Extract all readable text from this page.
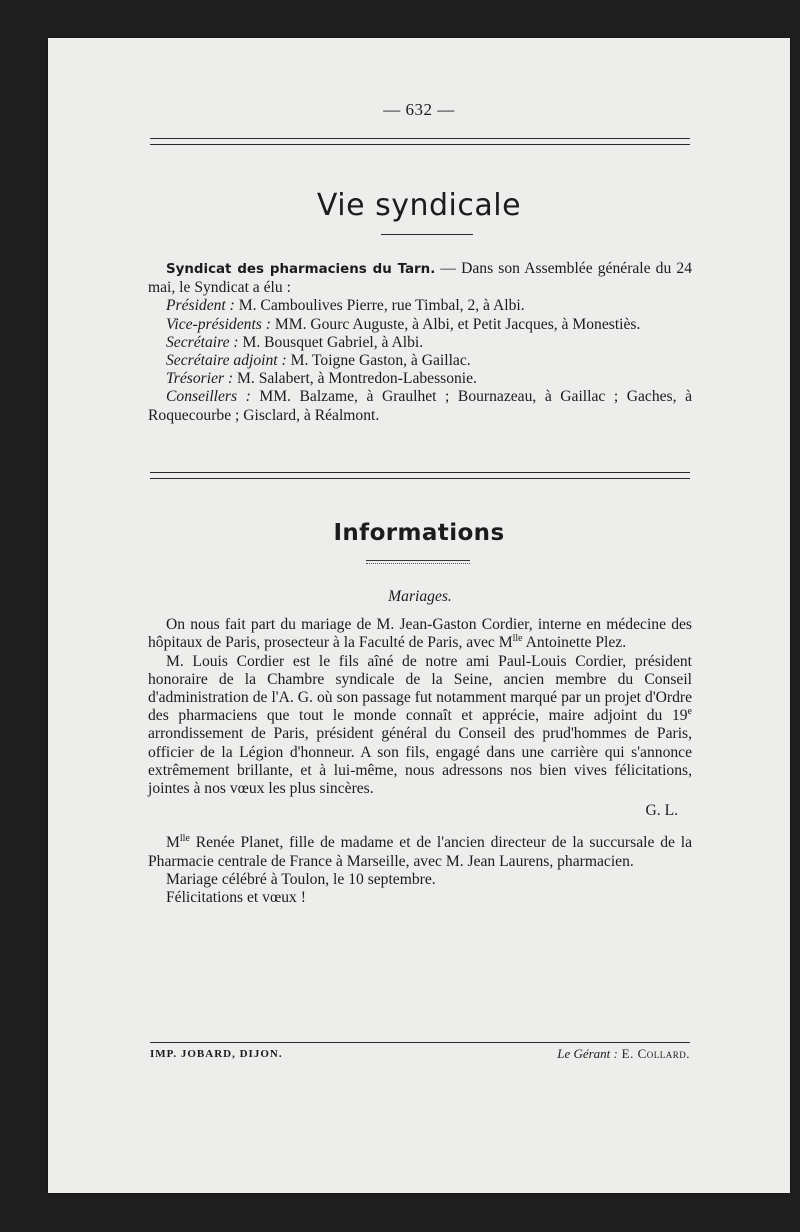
— 632 —
Vie syndicale

Syndicat des pharmaciens du Tarn. — Dans son Assemblée générale du 24 mai, le Syndicat a élu :

Président : M. Camboulives Pierre, rue Timbal, 2, à Albi.

Vice-présidents : MM. Gourc Auguste, à Albi, et Petit Jacques, à Monestiès.

Secrétaire : M. Bousquet Gabriel, à Albi.

Secrétaire adjoint : M. Toigne Gaston, à Gaillac.

Trésorier : M. Salabert, à Montredon-Labessonie.

Conseillers : MM. Balzame, à Graulhet ; Bournazeau, à Gaillac ; Gaches, à Roquecourbe ; Gisclard, à Réalmont.

Informations

Mariages.

On nous fait part du mariage de M. Jean-Gaston Cordier, interne en médecine des hôpitaux de Paris, prosecteur à la Faculté de Paris, avec $M^{lle}$ Antoinette Plez.

M. Louis Cordier est le fils aîné de notre ami Paul-Louis Cordier, président honoraire de la Chambre syndicale de la Seine, ancien membre du Conseil d'administration de l'A. G. où son passage fut notamment marqué par un projet d'Ordre des pharmaciens que tout le monde connaît et apprécie, maire adjoint du 19e arrondissement de Paris, président général du Conseil des prud'hommes de Paris, officier de la Légion d'honneur. A son fils, engagé dans une carrière qui s'annonce extrêmement brillante, et à lui-même, nous adressons nos bien vives félicitations, jointes à nos vœux les plus sincères.

G. L.

$M^{lle}$ Renée Planet, fille de madame et de l'ancien directeur de la succursale de la Pharmacie centrale de France à Marseille, avec M. Jean Laurens, pharmacien.

Mariage célébré à Toulon, le 10 septembre.

Félicitations et vœux !

IMP. JOBARD, DIJON.	Le Gérant : E. Collard.
